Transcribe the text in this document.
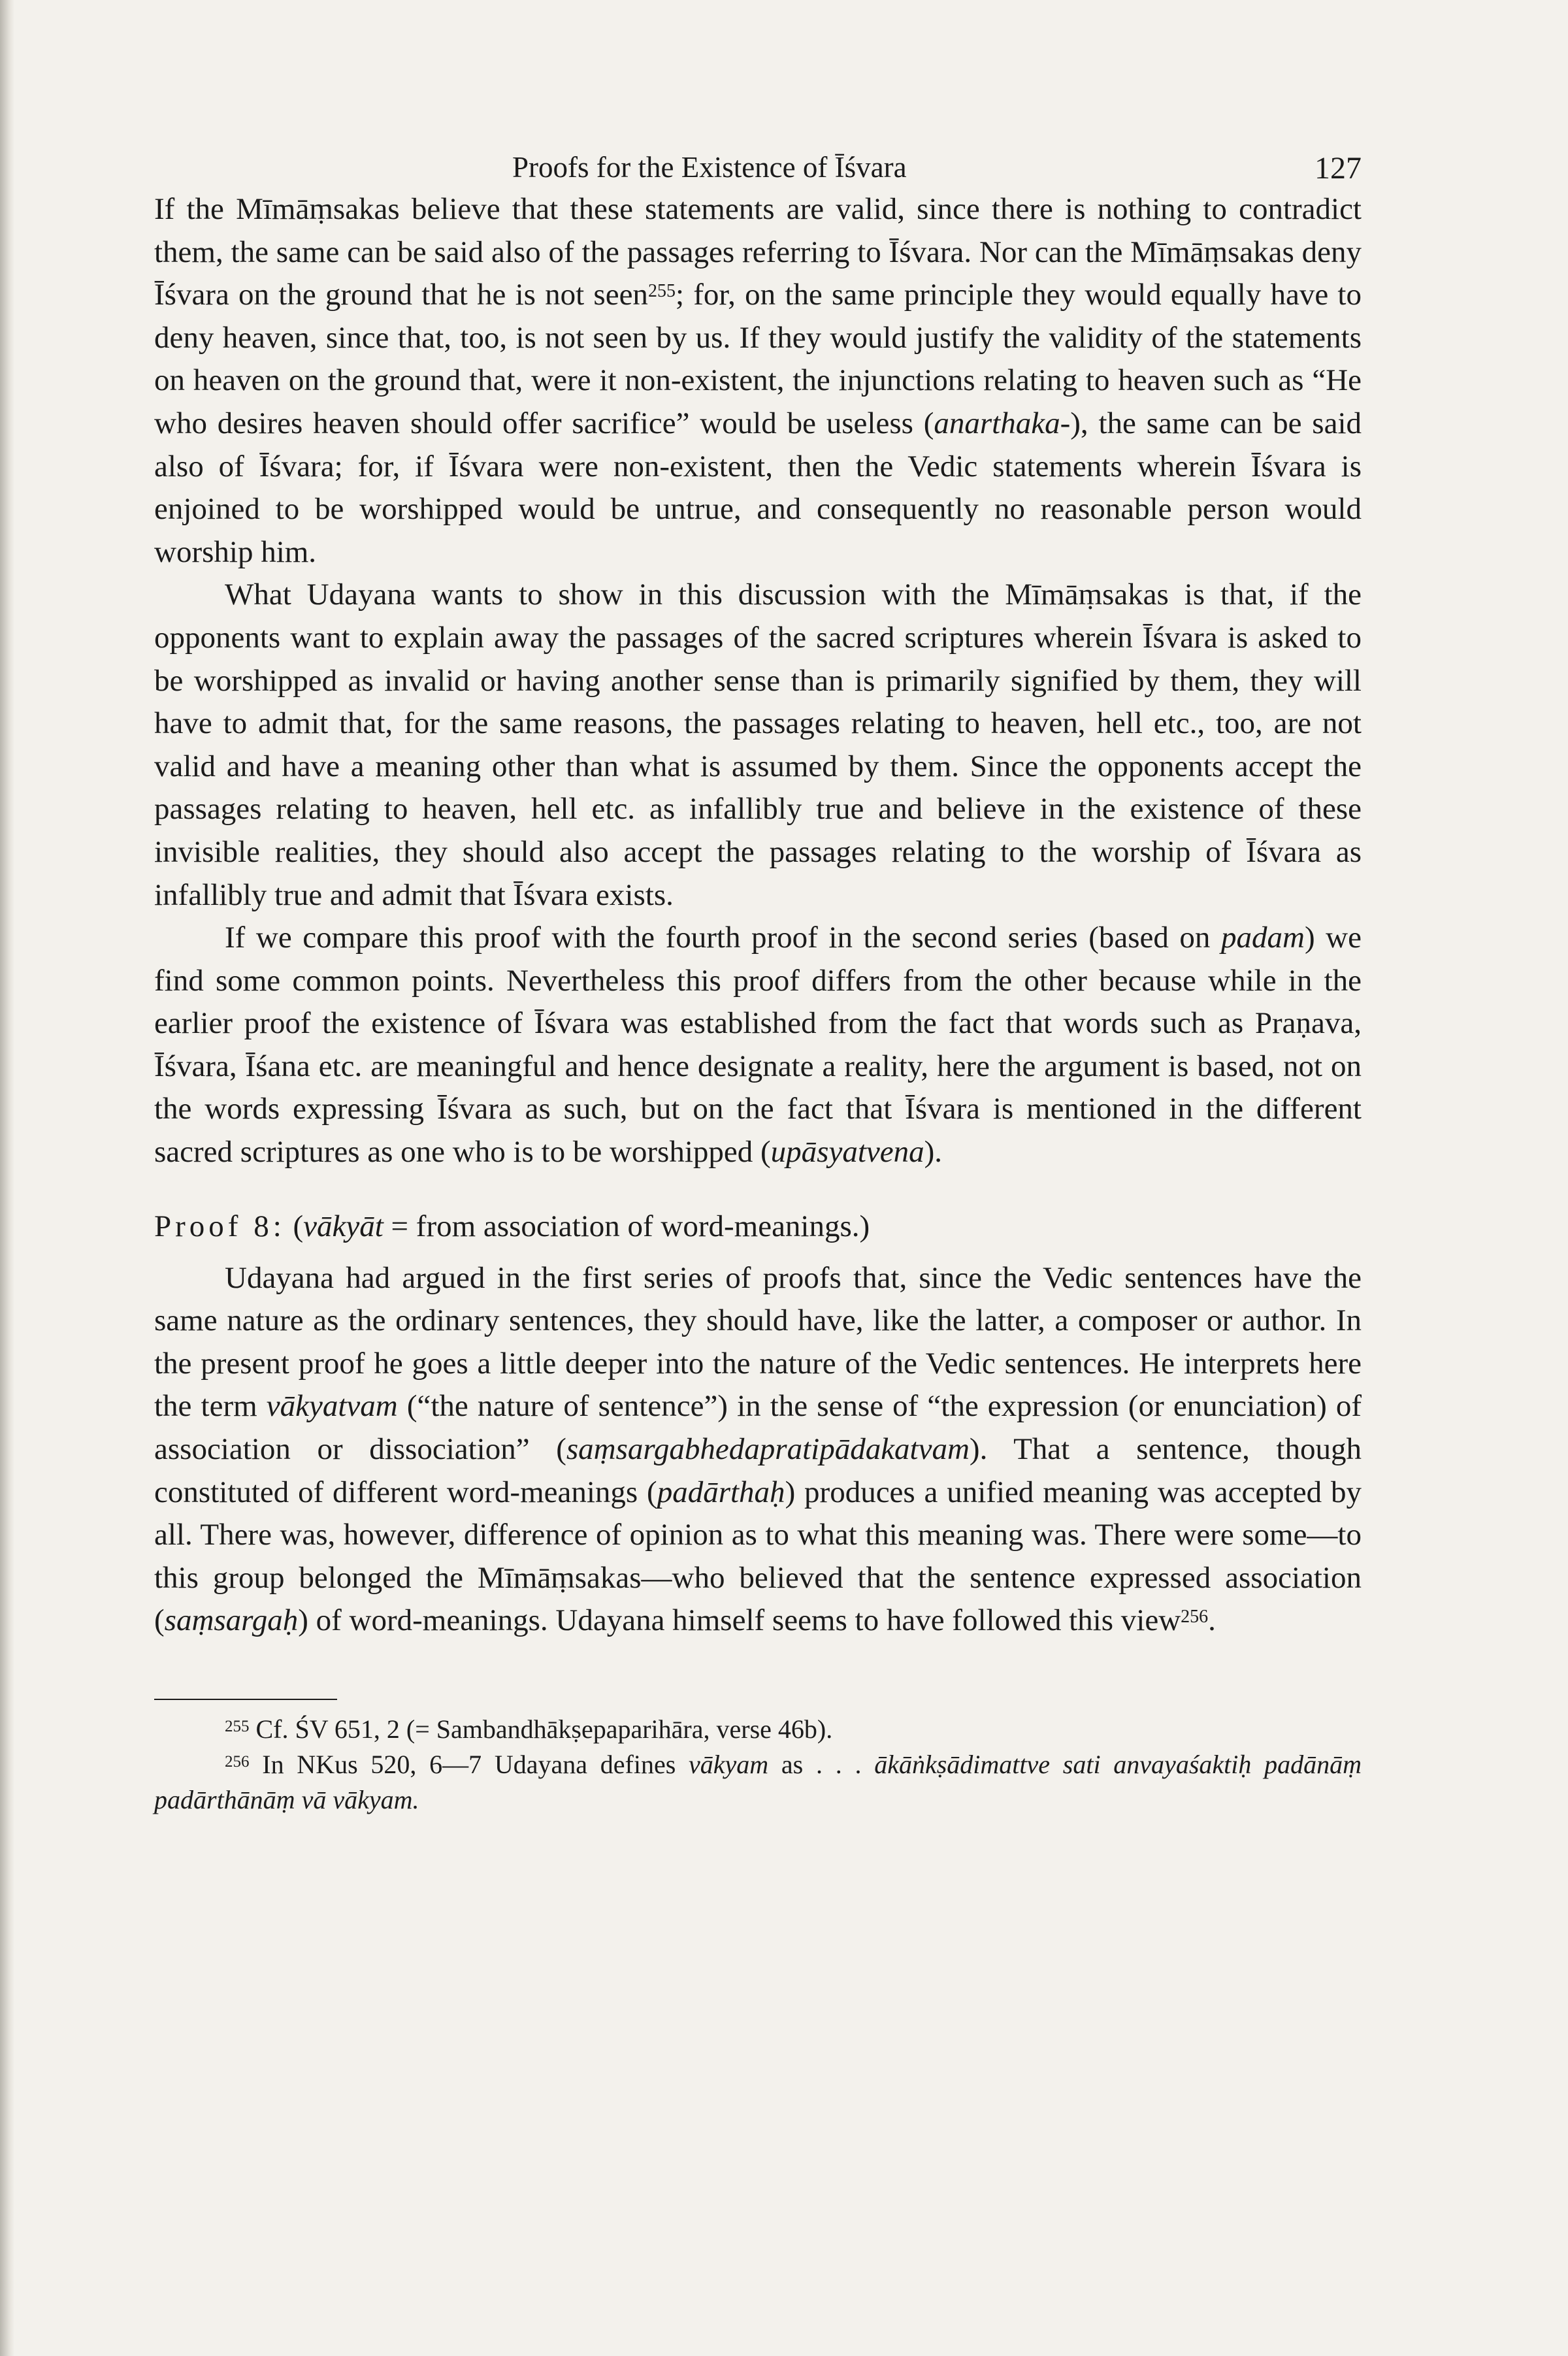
Proofs for the Existence of Īśvara	127

If the Mīmāṃsakas believe that these statements are valid, since there is nothing to contradict them, the same can be said also of the passages referring to Īśvara. Nor can the Mīmāṃsakas deny Īśvara on the ground that he is not seen$^{255}$; for, on the same principle they would equally have to deny heaven, since that, too, is not seen by us. If they would justify the validity of the statements on heaven on the ground that, were it non-existent, the injunctions relating to heaven such as “He who desires heaven should offer sacrifice” would be useless (anarthaka-), the same can be said also of Īśvara; for, if Īśvara were non-existent, then the Vedic statements wherein Īśvara is enjoined to be worshipped would be untrue, and consequently no reasonable person would worship him.

What Udayana wants to show in this discussion with the Mīmāṃsakas is that, if the opponents want to explain away the passages of the sacred scriptures wherein Īśvara is asked to be worshipped as invalid or having another sense than is primarily signified by them, they will have to admit that, for the same reasons, the passages relating to heaven, hell etc., too, are not valid and have a meaning other than what is assumed by them. Since the opponents accept the passages relating to heaven, hell etc. as infallibly true and believe in the existence of these invisible realities, they should also accept the passages relating to the worship of Īśvara as infallibly true and admit that Īśvara exists.

If we compare this proof with the fourth proof in the second series (based on padam) we find some common points. Nevertheless this proof differs from the other because while in the earlier proof the existence of Īśvara was established from the fact that words such as Praṇava, Īśvara, Īśana etc. are meaningful and hence designate a reality, here the argument is based, not on the words expressing Īśvara as such, but on the fact that Īśvara is mentioned in the different sacred scriptures as one who is to be worshipped (upāsyatvena).

Proof 8: (vākyāt = from association of word-meanings.)

Udayana had argued in the first series of proofs that, since the Vedic sentences have the same nature as the ordinary sentences, they should have, like the latter, a composer or author. In the present proof he goes a little deeper into the nature of the Vedic sentences. He interprets here the term vākyatvam (“the nature of sentence”) in the sense of “the expression (or enunciation) of association or dissociation” (saṃsargabhedapratipādakatvam). That a sentence, though constituted of different word-meanings (padārthaḥ) produces a unified meaning was accepted by all. There was, however, difference of opinion as to what this meaning was. There were some—to this group belonged the Mīmāṃsakas—who believed that the sentence expressed association (saṃsargaḥ) of word-meanings. Udayana himself seems to have followed this view$^{256}$.

$^{255}$ Cf. ŚV 651, 2 (= Sambandhākṣepaparihāra, verse 46b).

$^{256}$ In NKus 520, 6—7 Udayana defines vākyam as . . . ākāṅkṣādimattve sati anvayaśaktiḥ padānāṃ padārthānāṃ vā vākyam.
